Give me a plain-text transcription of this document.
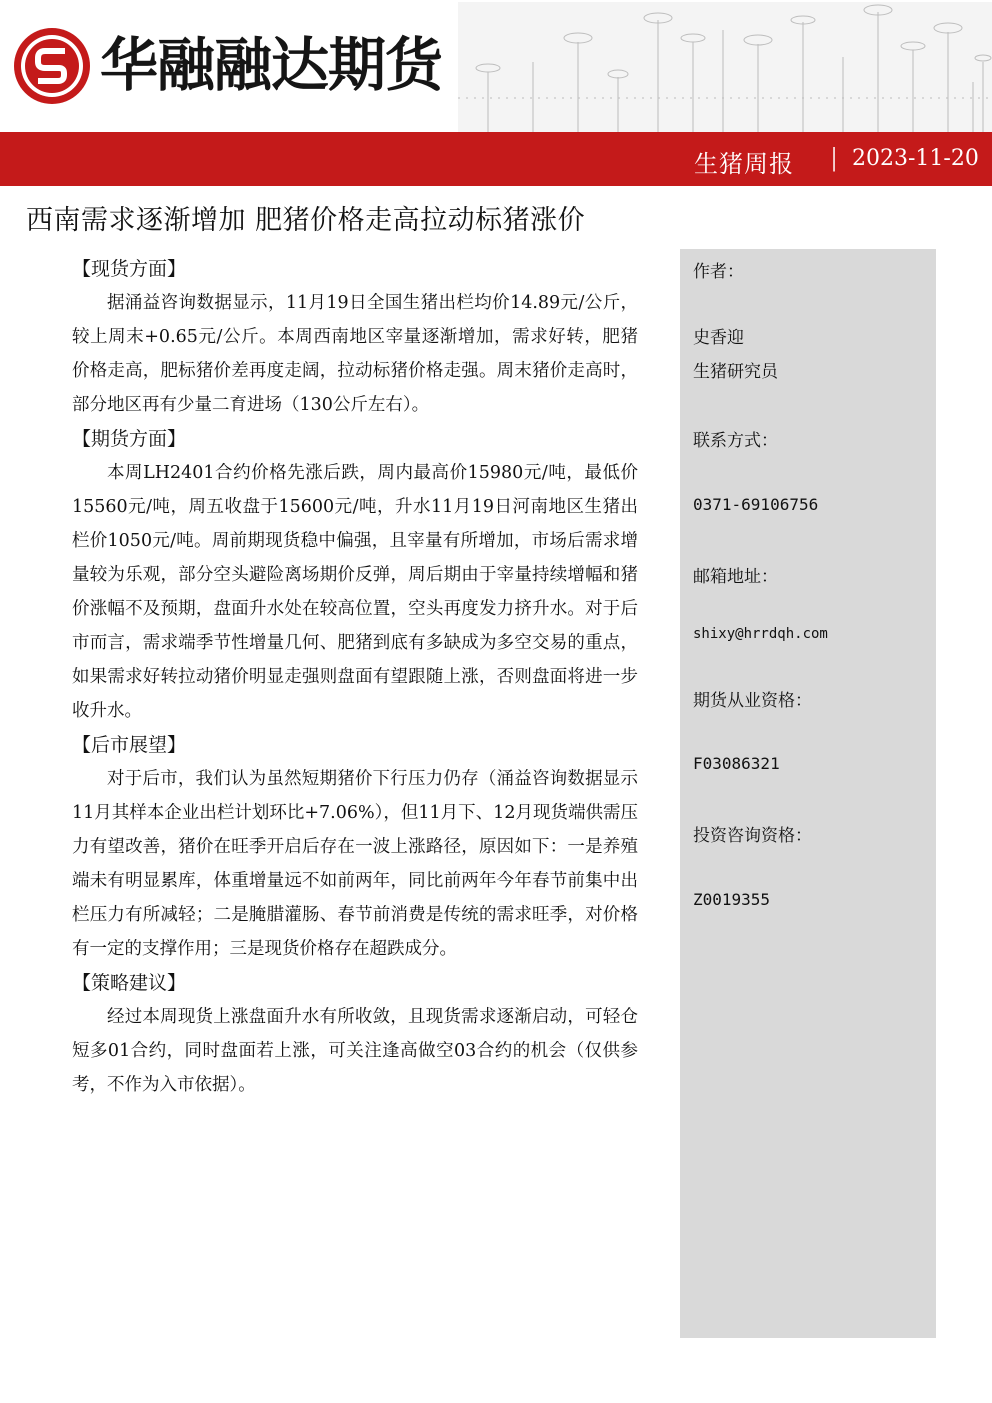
华融融达期货
生猪周报 | 2023-11-20
西南需求逐渐增加 肥猪价格走高拉动标猪涨价
【现货方面】

据涌益咨询数据显示，11月19日全国生猪出栏均价14.89元/公斤，较上周末+0.65元/公斤。本周西南地区宰量逐渐增加，需求好转，肥猪价格走高，肥标猪价差再度走阔，拉动标猪价格走强。周末猪价走高时，部分地区再有少量二育进场（130公斤左右）。

【期货方面】

本周LH2401合约价格先涨后跌，周内最高价15980元/吨，最低价15560元/吨，周五收盘于15600元/吨，升水11月19日河南地区生猪出栏价1050元/吨。周前期现货稳中偏强，且宰量有所增加，市场后需求增量较为乐观，部分空头避险离场期价反弹，周后期由于宰量持续增幅和猪价涨幅不及预期，盘面升水处在较高位置，空头再度发力挤升水。对于后市而言，需求端季节性增量几何、肥猪到底有多缺成为多空交易的重点，如果需求好转拉动猪价明显走强则盘面有望跟随上涨，否则盘面将进一步收升水。

【后市展望】

对于后市，我们认为虽然短期猪价下行压力仍存（涌益咨询数据显示11月其样本企业出栏计划环比+7.06%），但11月下、12月现货端供需压力有望改善，猪价在旺季开启后存在一波上涨路径，原因如下：一是养殖端未有明显累库，体重增量远不如前两年，同比前两年今年春节前集中出栏压力有所减轻；二是腌腊灌肠、春节前消费是传统的需求旺季，对价格有一定的支撑作用；三是现货价格存在超跌成分。

【策略建议】

经过本周现货上涨盘面升水有所收敛，且现货需求逐渐启动，可轻仓短多01合约，同时盘面若上涨，可关注逢高做空03合约的机会（仅供参考，不作为入市依据）。

作者：
史香迎
生猪研究员
联系方式：
0371-69106756
邮箱地址：
shixy@hrrdqh.com
期货从业资格：
F03086321
投资咨询资格：
Z0019355
